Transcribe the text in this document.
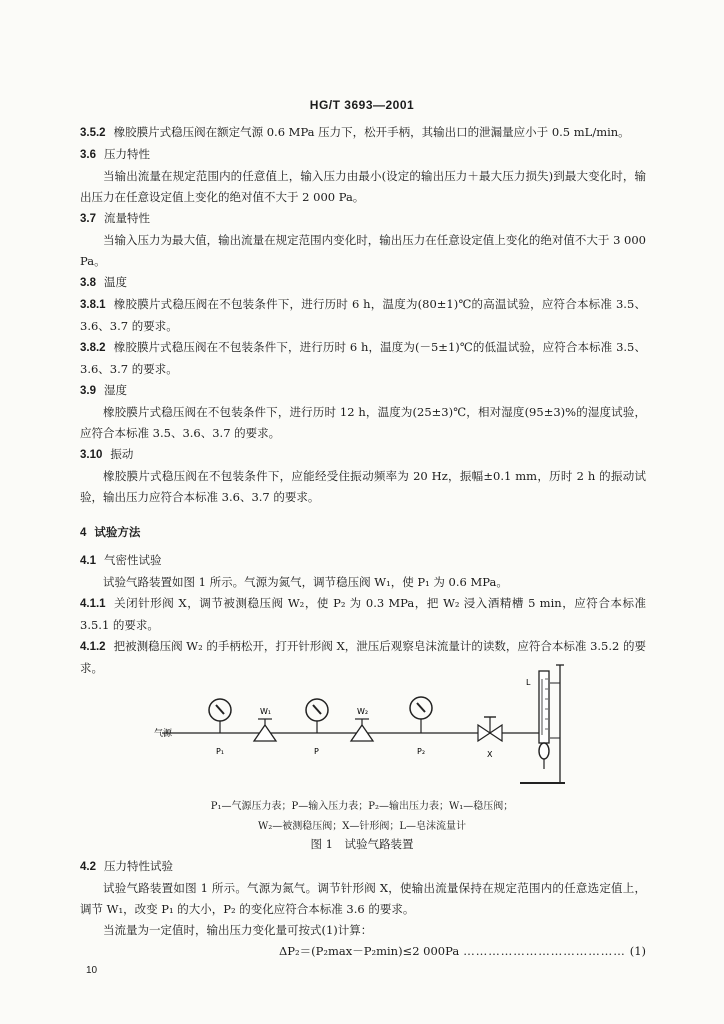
HG/T 3693—2001

3.5.2 橡胶膜片式稳压阀在额定气源 0.6 MPa 压力下，松开手柄，其输出口的泄漏量应小于 0.5 mL/min。

3.6 压力特性

当输出流量在规定范围内的任意值上，输入压力由最小(设定的输出压力＋最大压力损失)到最大变化时，输出压力在任意设定值上变化的绝对值不大于 2 000 Pa。

3.7 流量特性

当输入压力为最大值，输出流量在规定范围内变化时，输出压力在任意设定值上变化的绝对值不大于 3 000 Pa。

3.8 温度

3.8.1 橡胶膜片式稳压阀在不包装条件下，进行历时 6 h，温度为(80±1)℃的高温试验，应符合本标准 3.5、3.6、3.7 的要求。

3.8.2 橡胶膜片式稳压阀在不包装条件下，进行历时 6 h，温度为(－5±1)℃的低温试验，应符合本标准 3.5、3.6、3.7 的要求。

3.9 湿度

橡胶膜片式稳压阀在不包装条件下，进行历时 12 h，温度为(25±3)℃，相对湿度(95±3)%的湿度试验，应符合本标准 3.5、3.6、3.7 的要求。

3.10 振动

橡胶膜片式稳压阀在不包装条件下，应能经受住振动频率为 20 Hz，振幅±0.1 mm，历时 2 h 的振动试验，输出压力应符合本标准 3.6、3.7 的要求。

4 试验方法

4.1 气密性试验

试验气路装置如图 1 所示。气源为氮气，调节稳压阀 W₁，使 P₁ 为 0.6 MPa。

4.1.1 关闭针形阀 X，调节被测稳压阀 W₂，使 P₂ 为 0.3 MPa，把 W₂ 浸入酒精槽 5 min，应符合本标准 3.5.1 的要求。

4.1.2 把被测稳压阀 W₂ 的手柄松开，打开针形阀 X，泄压后观察皂沫流量计的读数，应符合本标准 3.5.2 的要求。

气源
P₁
W₁
P
W₂
P₂	X
L
P₁—气源压力表；P—输入压力表；P₂—输出压力表；W₁—稳压阀；
W₂—被测稳压阀；X—针形阀；L—皂沫流量计
图 1　试验气路装置

4.2 压力特性试验

试验气路装置如图 1 所示。气源为氮气。调节针形阀 X，使输出流量保持在规定范围内的任意选定值上，调节 W₁，改变 P₁ 的大小，P₂ 的变化应符合本标准 3.6 的要求。

当流量为一定值时，输出压力变化量可按式(1)计算：

ΔP₂＝(P₂max－P₂min)≤2 000Pa ………………………………… (1)
10
